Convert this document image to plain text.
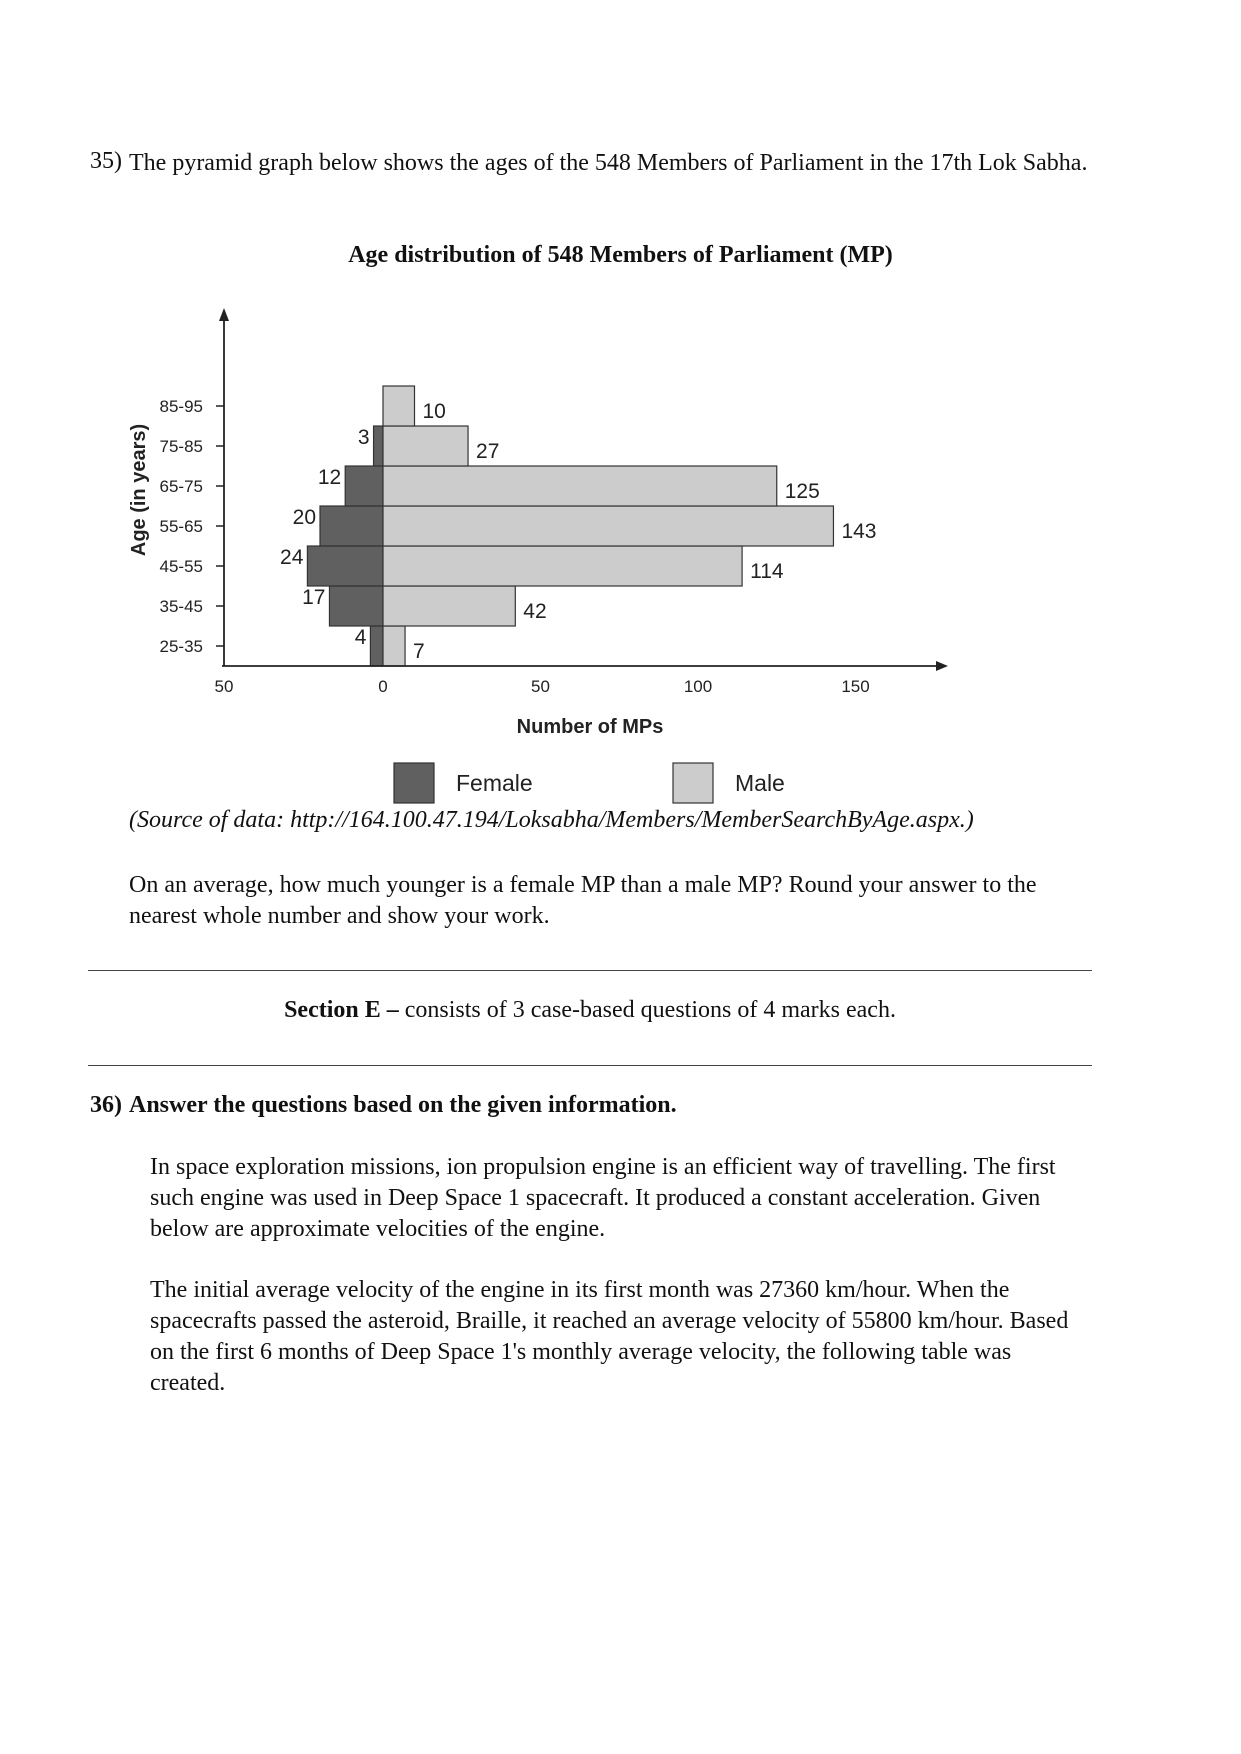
35) The pyramid graph below shows the ages of the 548 Members of Parliament in the 17th Lok Sabha.
Age distribution of 548 Members of Parliament (MP)
4
7
17
42
24
114
20
143
12
125
3
27
10
25-35
35-45
45-55
55-65
65-75
75-85
85-95
50	0	50	100	150
Number of MPs
Age (in years)
Female	Male
(Source of data: http://164.100.47.194/Loksabha/Members/MemberSearchByAge.aspx.)
On an average, how much younger is a female MP than a male MP? Round your answer to the nearest whole number and show your work.
Section E – consists of 3 case-based questions of 4 marks each.
36) Answer the questions based on the given information.
In space exploration missions, ion propulsion engine is an efficient way of travelling. The first such engine was used in Deep Space 1 spacecraft. It produced a constant acceleration. Given below are approximate velocities of the engine.
The initial average velocity of the engine in its first month was 27360 km/hour. When the spacecrafts passed the asteroid, Braille, it reached an average velocity of 55800 km/hour. Based on the first 6 months of Deep Space 1's monthly average velocity, the following table was created.
